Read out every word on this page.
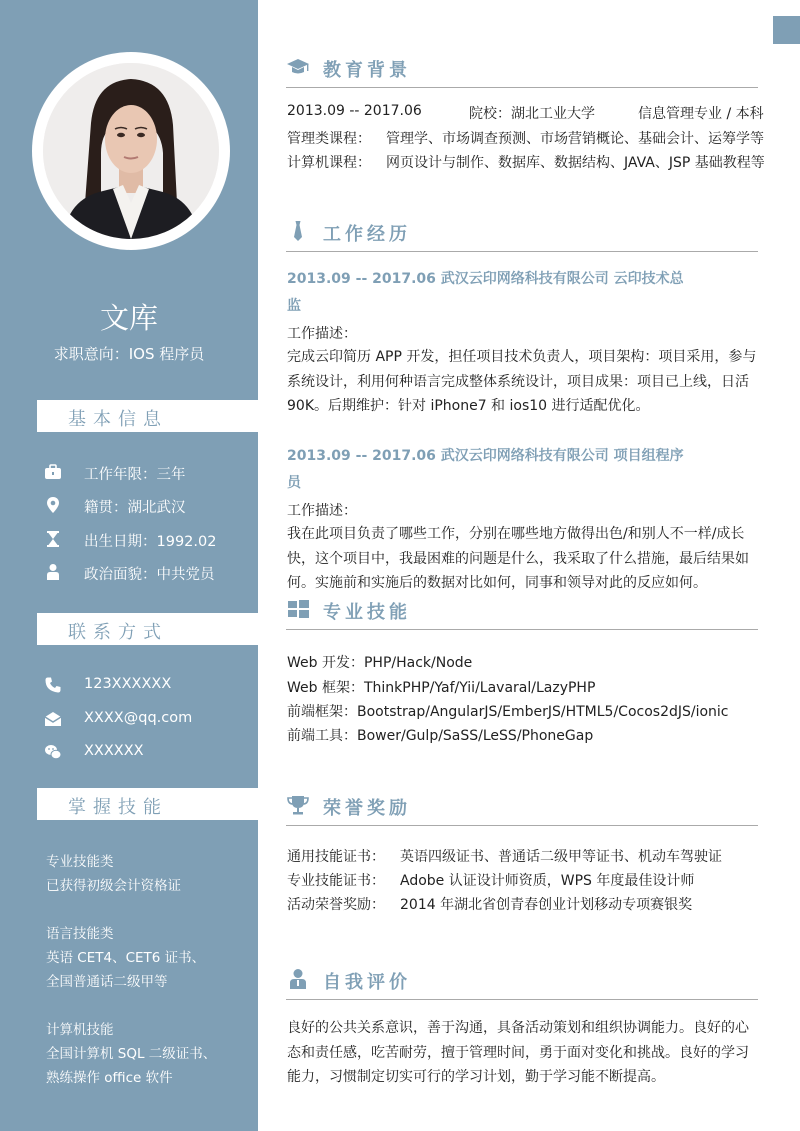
文库
求职意向：IOS 程序员
基本信息
工作年限：三年
籍贯：湖北武汉
出生日期：1992.02
政治面貌：中共党员
联系方式
123XXXXXX
XXXX@qq.com
XXXXXX
掌握技能
专业技能类
已获得初级会计资格证
语言技能类
英语 CET4、CET6 证书、
全国普通话二级甲等
计算机技能
全国计算机 SQL 二级证书、
熟练操作 office 软件
教育背景
2013.09 -- 2017.06	院校：湖北工业大学	信息管理专业 / 本科
管理类课程： 管理学、市场调查预测、市场营销概论、基础会计、运筹学等
计算机课程： 网页设计与制作、数据库、数据结构、JAVA、JSP 基础教程等
工作经历
2013.09 -- 2017.06 武汉云印网络科技有限公司 云印技术总
监
工作描述：
完成云印简历 APP 开发，担任项目技术负责人，项目架构：项目采用，参与系统设计，利用何种语言完成整体系统设计，项目成果：项目已上线，日活 90K。后期维护：针对 iPhone7 和 ios10 进行适配优化。
2013.09 -- 2017.06 武汉云印网络科技有限公司 项目组程序
员
工作描述：
我在此项目负责了哪些工作，分别在哪些地方做得出色/和别人不一样/成长快，这个项目中，我最困难的问题是什么，我采取了什么措施，最后结果如何。实施前和实施后的数据对比如何，同事和领导对此的反应如何。
专业技能
Web 开发：PHP/Hack/Node
Web 框架：ThinkPHP/Yaf/Yii/Lavaral/LazyPHP
前端框架：Bootstrap/AngularJS/EmberJS/HTML5/Cocos2dJS/ionic
前端工具：Bower/Gulp/SaSS/LeSS/PhoneGap
荣誉奖励
通用技能证书： 英语四级证书、普通话二级甲等证书、机动车驾驶证
专业技能证书： Adobe 认证设计师资质，WPS 年度最佳设计师
活动荣誉奖励： 2014 年湖北省创青春创业计划移动专项赛银奖
自我评价
良好的公共关系意识，善于沟通，具备活动策划和组织协调能力。良好的心态和责任感，吃苦耐劳，擅于管理时间，勇于面对变化和挑战。良好的学习能力，习惯制定切实可行的学习计划，勤于学习能不断提高。
